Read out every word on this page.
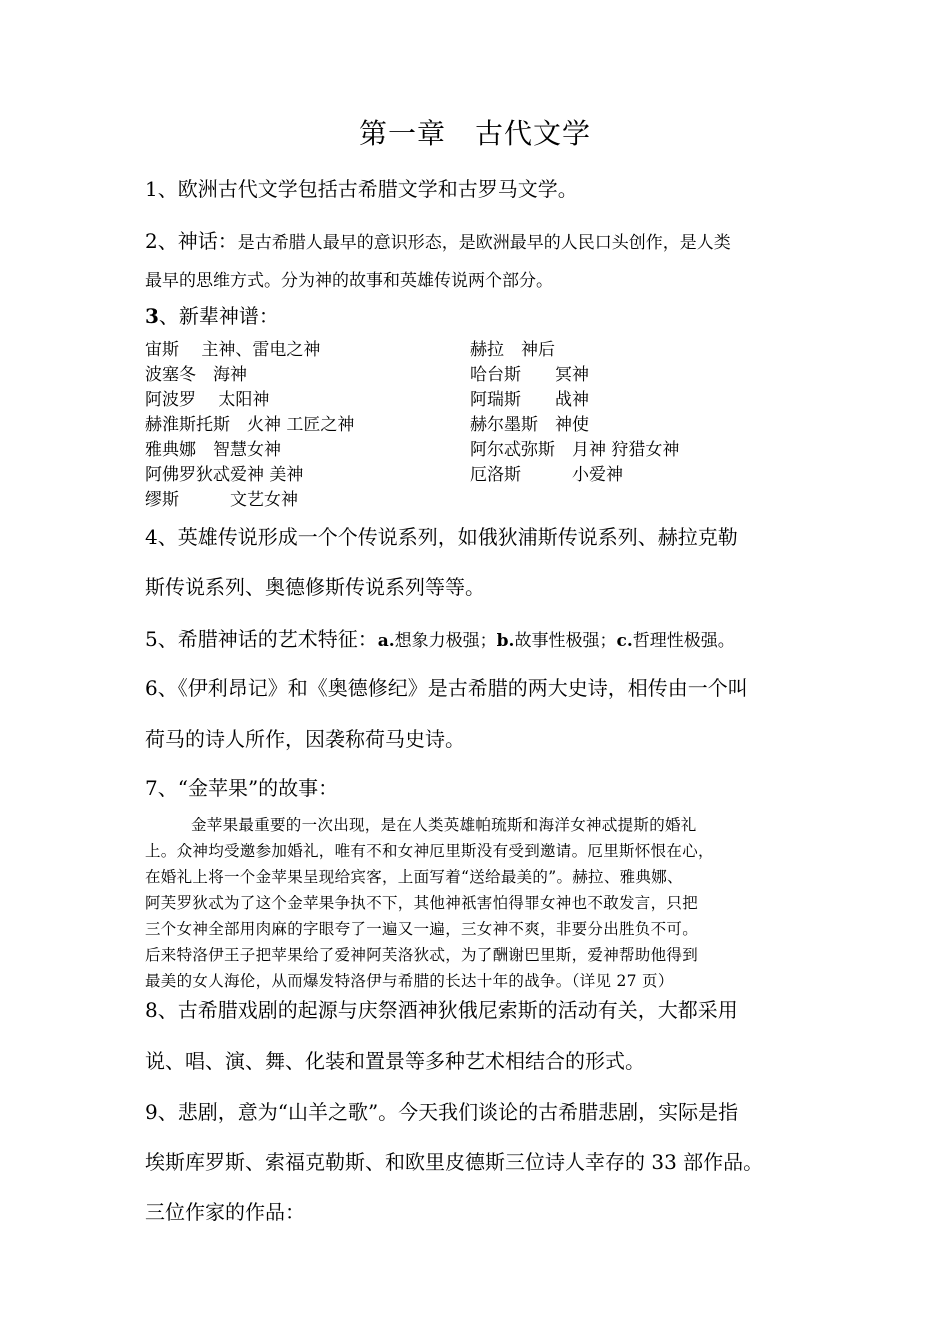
第一章　古代文学
1、欧洲古代文学包括古希腊文学和古罗马文学。
2、神话：是古希腊人最早的意识形态，是欧洲最早的人民口头创作，是人类
最早的思维方式。分为神的故事和英雄传说两个部分。
3、新辈神谱：
宙斯　 主神、雷电之神	赫拉　神后
波塞冬　海神	哈台斯　　冥神
阿波罗　 太阳神	阿瑞斯　　战神
赫淮斯托斯　火神 工匠之神	赫尔墨斯　神使
雅典娜　智慧女神	阿尔忒弥斯　月神 狩猎女神
阿佛罗狄忒爱神 美神	厄洛斯　　　小爱神
缪斯　　　文艺女神
4、英雄传说形成一个个传说系列，如俄狄浦斯传说系列、赫拉克勒
斯传说系列、奥德修斯传说系列等等。
5、希腊神话的艺术特征：a.想象力极强；b.故事性极强；c.哲理性极强。
6、《伊利昂记》和《奥德修纪》是古希腊的两大史诗，相传由一个叫
荷马的诗人所作，因袭称荷马史诗。
7、“金苹果”的故事：
金苹果最重要的一次出现，是在人类英雄帕琉斯和海洋女神忒提斯的婚礼
上。众神均受邀参加婚礼，唯有不和女神厄里斯没有受到邀请。厄里斯怀恨在心，
在婚礼上将一个金苹果呈现给宾客，上面写着“送给最美的”。赫拉、雅典娜、
阿芙罗狄忒为了这个金苹果争执不下，其他神祇害怕得罪女神也不敢发言，只把
三个女神全部用肉麻的字眼夸了一遍又一遍，三女神不爽，非要分出胜负不可。
后来特洛伊王子把苹果给了爱神阿芙洛狄忒，为了酬谢巴里斯，爱神帮助他得到
最美的女人海伦，从而爆发特洛伊与希腊的长达十年的战争。（详见 27 页）
8、古希腊戏剧的起源与庆祭酒神狄俄尼索斯的活动有关，大都采用
说、唱、演、舞、化装和置景等多种艺术相结合的形式。
9、悲剧，意为“山羊之歌”。今天我们谈论的古希腊悲剧，实际是指
埃斯库罗斯、索福克勒斯、和欧里皮德斯三位诗人幸存的 33 部作品。
三位作家的作品：
